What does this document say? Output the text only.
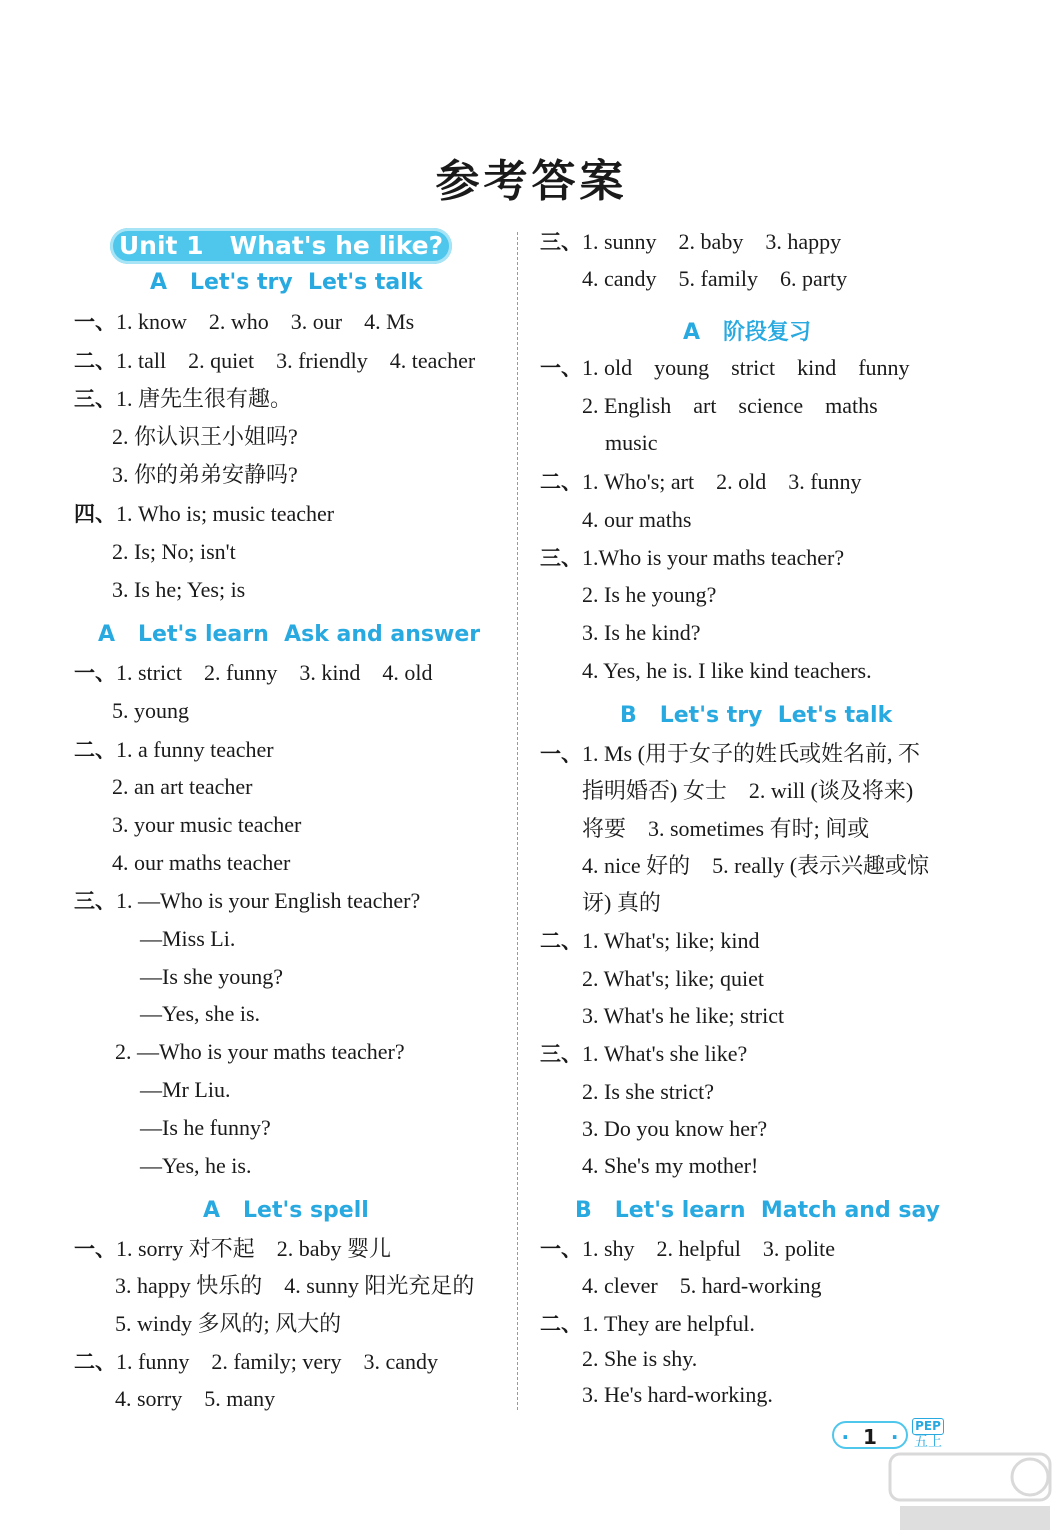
参考答案
Unit 1   What's he like?
A   Let's try  Let's talk
A   Let's learn  Ask and answer
A   Let's spell
A   阶段复习
B   Let's try  Let's talk
B   Let's learn  Match and say
一、1. know    2. who    3. our    4. Ms
二、1. tall    2. quiet    3. friendly    4. teacher
三、1. 唐先生很有趣。
2. 你认识王小姐吗?
3. 你的弟弟安静吗?
四、1. Who is; music teacher
2. Is; No; isn't
3. Is he; Yes; is
一、1. strict    2. funny    3. kind    4. old
5. young
二、1. a funny teacher
2. an art teacher
3. your music teacher
4. our maths teacher
三、1. —Who is your English teacher?
—Miss Li.
—Is she young?
—Yes, she is.
2. —Who is your maths teacher?
—Mr Liu.
—Is he funny?
—Yes, he is.
一、1. sorry 对不起    2. baby 婴儿
3. happy 快乐的    4. sunny 阳光充足的
5. windy 多风的; 风大的
二、1. funny    2. family; very    3. candy
4. sorry    5. many
三、1. sunny    2. baby    3. happy
4. candy    5. family    6. party
一、1. old    young    strict    kind    funny
2. English    art    science    maths
music
二、1. Who's; art    2. old    3. funny
4. our maths
三、1.Who is your maths teacher?
2. Is he young?
3. Is he kind?
4. Yes, he is. I like kind teachers.
一、1. Ms (用于女子的姓氏或姓名前, 不
指明婚否) 女士    2. will (谈及将来)
将要    3. sometimes 有时; 间或
4. nice 好的    5. really (表示兴趣或惊
讶) 真的
二、1. What's; like; kind
2. What's; like; quiet
3. What's he like; strict
三、1. What's she like?
2. Is she strict?
3. Do you know her?
4. She's my mother!
一、1. shy    2. helpful    3. polite
4. clever    5. hard-working
二、1. They are helpful.
2. She is shy.
3. He's hard-working.
· 1 ·	PEP
五上
